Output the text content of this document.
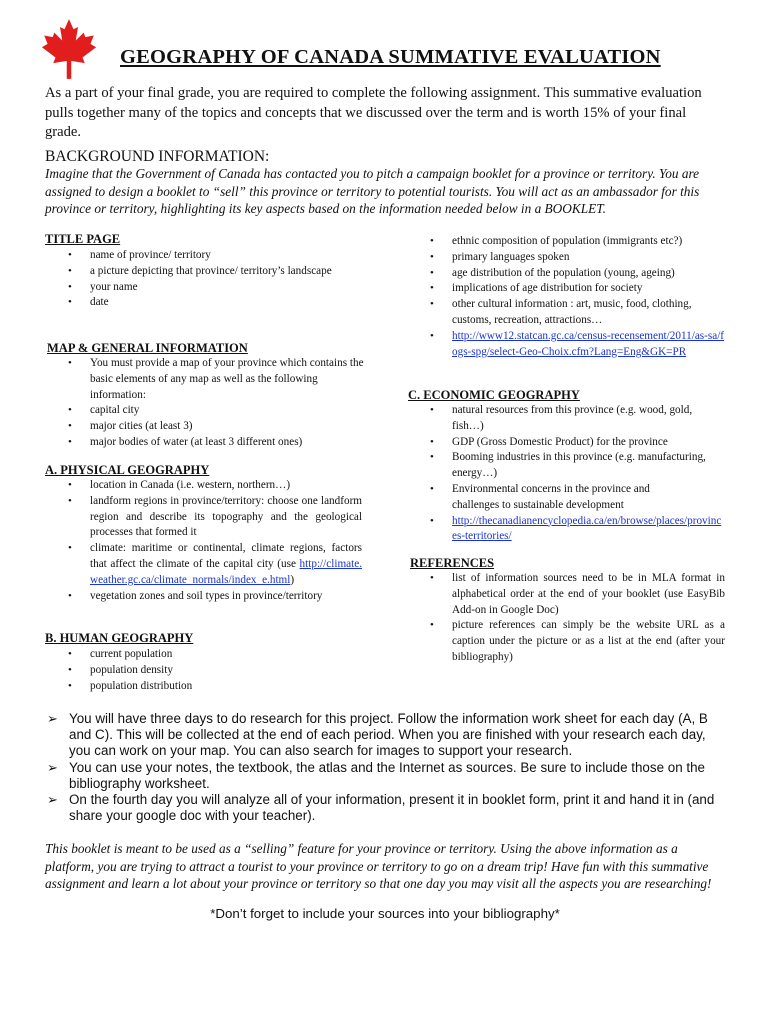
GEOGRAPHY OF CANADA SUMMATIVE EVALUATION
As a part of your final grade, you are required to complete the following assignment. This summative evaluation pulls together many of the topics and concepts that we discussed over the term and is worth 15% of your final grade.
BACKGROUND INFORMATION:
Imagine that the Government of Canada has contacted you to pitch a campaign booklet for a province or territory. You are assigned to design a booklet to “sell” this province or territory to potential tourists. You will act as an ambassador for this province or territory, highlighting its key aspects based on the information needed below in a BOOKLET.
TITLE PAGE
• name of province/ territory
• a picture depicting that province/ territory’s landscape
• your name
• date
MAP & GENERAL INFORMATION
• You must provide a map of your province which contains the basic elements of any map as well as the following information:
• capital city
• major cities (at least 3)
• major bodies of water (at least 3 different ones)
A. PHYSICAL GEOGRAPHY
• location in Canada (i.e. western, northern…)
• landform regions in province/territory: choose one landform region and describe its topography and the geological processes that formed it
• climate: maritime or continental, climate regions, factors that affect the climate of the capital city (use http://climate.weather.gc.ca/climate_normals/index_e.html)
• vegetation zones and soil types in province/territory
B. HUMAN GEOGRAPHY
• current population
• population density
• population distribution
• ethnic composition of population (immigrants etc?)
• primary languages spoken
• age distribution of the population (young, ageing)
• implications of age distribution for society
• other cultural information : art, music, food, clothing, customs, recreation, attractions…
• http://www12.statcan.gc.ca/census-recensement/2011/as-sa/fogs-spg/select-Geo-Choix.cfm?Lang=Eng&GK=PR
C. ECONOMIC GEOGRAPHY
• natural resources from this province (e.g. wood, gold, fish…)
• GDP (Gross Domestic Product) for the province
• Booming industries in this province (e.g. manufacturing, energy…)
• Environmental concerns in the province and challenges to sustainable development
• http://thecanadianencyclopedia.ca/en/browse/places/provinces-territories/
REFERENCES
• list of information sources need to be in MLA format in alphabetical order at the end of your booklet (use EasyBib Add-on in Google Doc)
• picture references can simply be the website URL as a caption under the picture or as a list at the end (after your bibliography)
➢ You will have three days to do research for this project. Follow the information work sheet for each day (A, B and C). This will be collected at the end of each period. When you are finished with your research each day, you can work on your map. You can also search for images to support your research.
➢ You can use your notes, the textbook, the atlas and the Internet as sources. Be sure to include those on the bibliography worksheet.
➢ On the fourth day you will analyze all of your information, present it in booklet form, print it and hand it in (and share your google doc with your teacher).
This booklet is meant to be used as a “selling” feature for your province or territory. Using the above information as a platform, you are trying to attract a tourist to your province or territory to go on a dream trip! Have fun with this summative assignment and learn a lot about your province or territory so that one day you may visit all the aspects you are researching!
*Don’t forget to include your sources into your bibliography*
